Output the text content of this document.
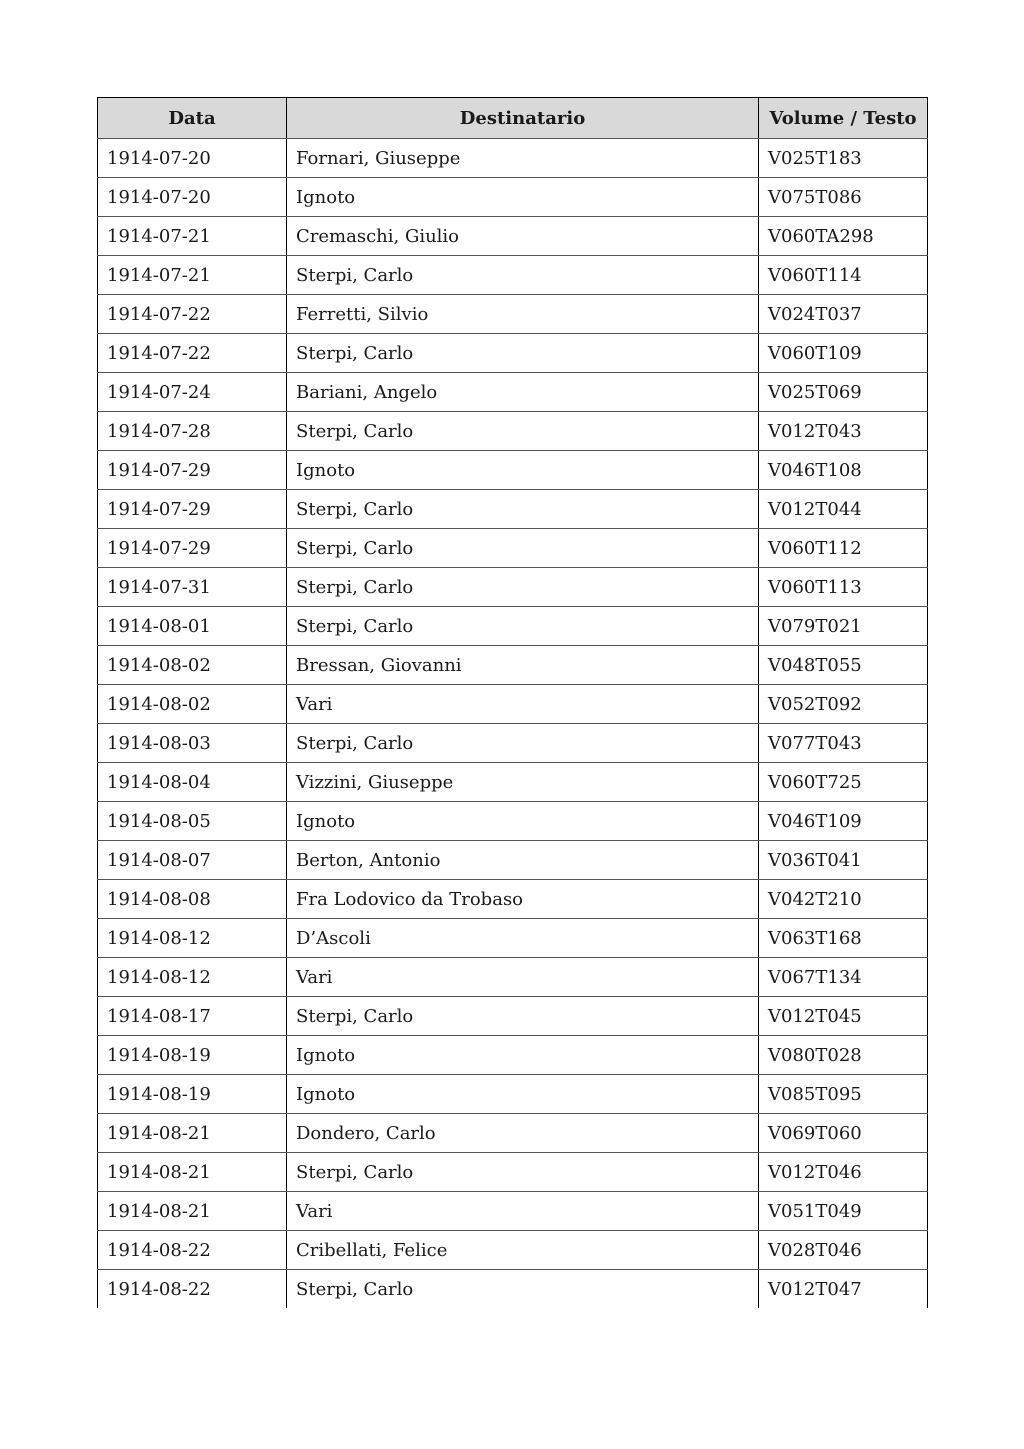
Data	Destinatario	Volume / Testo
1914-07-20	Fornari, Giuseppe	V025T183
1914-07-20	Ignoto	V075T086
1914-07-21	Cremaschi, Giulio	V060TA298
1914-07-21	Sterpi, Carlo	V060T114
1914-07-22	Ferretti, Silvio	V024T037
1914-07-22	Sterpi, Carlo	V060T109
1914-07-24	Bariani, Angelo	V025T069
1914-07-28	Sterpi, Carlo	V012T043
1914-07-29	Ignoto	V046T108
1914-07-29	Sterpi, Carlo	V012T044
1914-07-29	Sterpi, Carlo	V060T112
1914-07-31	Sterpi, Carlo	V060T113
1914-08-01	Sterpi, Carlo	V079T021
1914-08-02	Bressan, Giovanni	V048T055
1914-08-02	Vari	V052T092
1914-08-03	Sterpi, Carlo	V077T043
1914-08-04	Vizzini, Giuseppe	V060T725
1914-08-05	Ignoto	V046T109
1914-08-07	Berton, Antonio	V036T041
1914-08-08	Fra Lodovico da Trobaso	V042T210
1914-08-12	D’Ascoli	V063T168
1914-08-12	Vari	V067T134
1914-08-17	Sterpi, Carlo	V012T045
1914-08-19	Ignoto	V080T028
1914-08-19	Ignoto	V085T095
1914-08-21	Dondero, Carlo	V069T060
1914-08-21	Sterpi, Carlo	V012T046
1914-08-21	Vari	V051T049
1914-08-22	Cribellati, Felice	V028T046
1914-08-22	Sterpi, Carlo	V012T047
